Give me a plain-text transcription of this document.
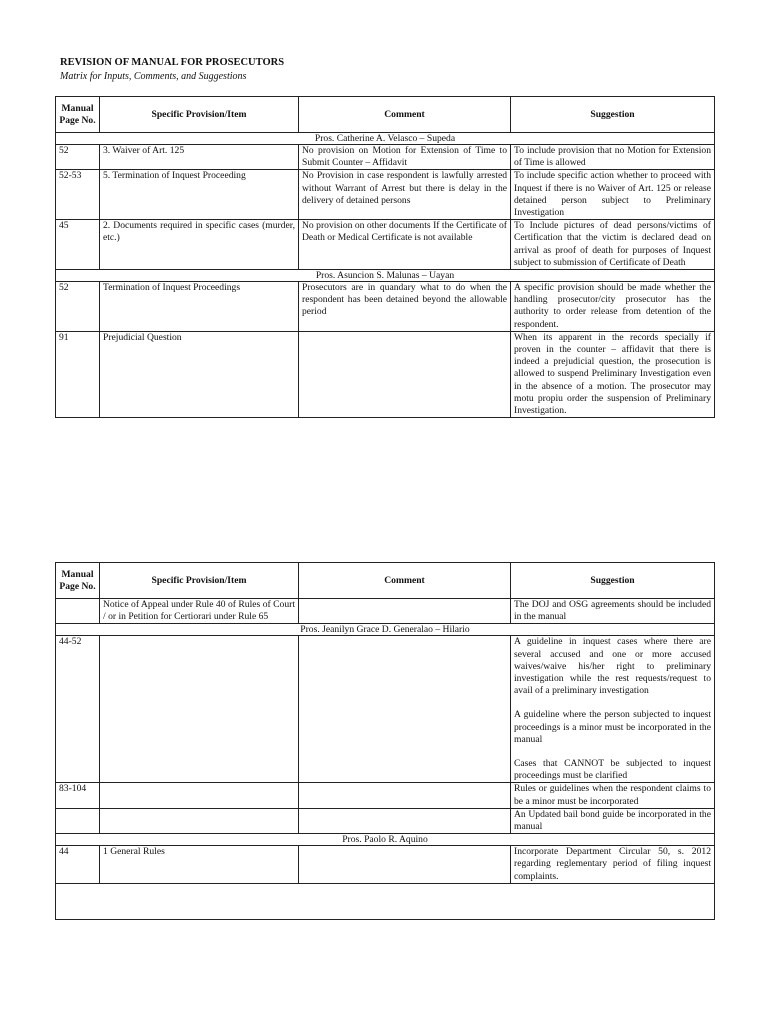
REVISION OF MANUAL FOR PROSECUTORS
Matrix for Inputs, Comments, and Suggestions
Manual Page No.	Specific Provision/Item	Comment	Suggestion
Pros. Catherine A. Velasco – Supeda			
52	3. Waiver of Art. 125	No provision on Motion for Extension of Time to Submit Counter – Affidavit	To include provision that no Motion for Extension of Time is allowed
52-53	5. Termination of Inquest Proceeding	No Provision in case respondent is lawfully arrested without Warrant of Arrest but there is delay in the delivery of detained persons	To include specific action whether to proceed with Inquest if there is no Waiver of Art. 125 or release detained person subject to Preliminary Investigation
45	2. Documents required in specific cases (murder, etc.)	No provision on other documents If the Certificate of Death or Medical Certificate is not available	To Include pictures of dead persons/victims of Certification that the victim is declared dead on arrival as proof of death for purposes of Inquest subject to submission of Certificate of Death
Pros. Asuncion S. Malunas – Uayan			
52	Termination of Inquest Proceedings	Prosecutors are in quandary what to do when the respondent has been detained beyond the allowable period	A specific provision should be made whether the handling prosecutor/city prosecutor has the authority to order release from detention of the respondent.
91	Prejudicial Question		When its apparent in the records specially if proven in the counter – affidavit that there is indeed a prejudicial question, the prosecution is allowed to suspend Preliminary Investigation even in the absence of a motion. The prosecutor may motu propiu order the suspension of Preliminary Investigation.
Manual Page No.	Specific Provision/Item	Comment	Suggestion
	Notice of Appeal under Rule 40 of Rules of Court / or in Petition for Certiorari under Rule 65		The DOJ and OSG agreements should be included in the manual
Pros. Jeanilyn Grace D. Generalao – Hilario			
44-52			A guideline in inquest cases where there are several accused and one or more accused waives/waive his/her right to preliminary investigation while the rest requests/request to avail of a preliminary investigation

A guideline where the person subjected to inquest proceedings is a minor must be incorporated in the manual

Cases that CANNOT be subjected to inquest proceedings must be clarified

83-104			Rules or guidelines when the respondent claims to be a minor must be incorporated
			An Updated bail bond guide be incorporated in the manual
Pros. Paolo R. Aquino			
44	1 General Rules		Incorporate Department Circular 50, s. 2012 regarding reglementary period of filing inquest complaints.
